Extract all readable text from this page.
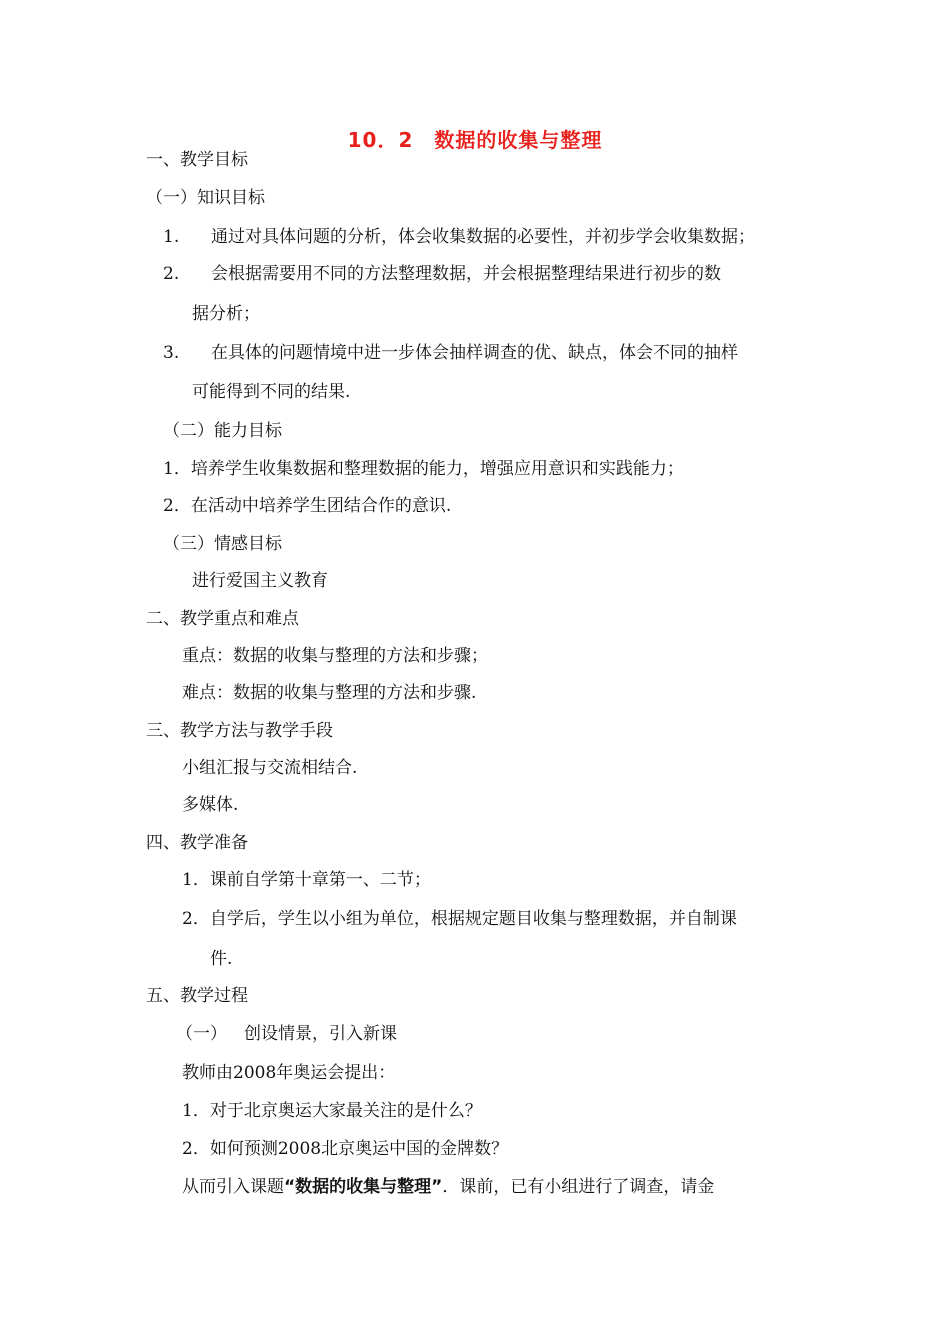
10．2　数据的收集与整理
一、教学目标
（一）知识目标
1. 通过对具体问题的分析，体会收集数据的必要性，并初步学会收集数据；
2. 会根据需要用不同的方法整理数据，并会根据整理结果进行初步的数
据分析；
3. 在具体的问题情境中进一步体会抽样调查的优、缺点，体会不同的抽样
可能得到不同的结果.
（二）能力目标
1．培养学生收集数据和整理数据的能力，增强应用意识和实践能力；
2．在活动中培养学生团结合作的意识.
（三）情感目标
进行爱国主义教育
二、教学重点和难点
重点：数据的收集与整理的方法和步骤；
难点：数据的收集与整理的方法和步骤.
三、教学方法与教学手段
小组汇报与交流相结合.
多媒体.
四、教学准备
1．课前自学第十章第一、二节；
2．自学后，学生以小组为单位，根据规定题目收集与整理数据，并自制课
件.
五、教学过程
（一） 创设情景，引入新课
教师由2008年奥运会提出：
1．对于北京奥运大家最关注的是什么？
2．如何预测2008北京奥运中国的金牌数？
从而引入课题“数据的收集与整理”．课前，已有小组进行了调查，请金
